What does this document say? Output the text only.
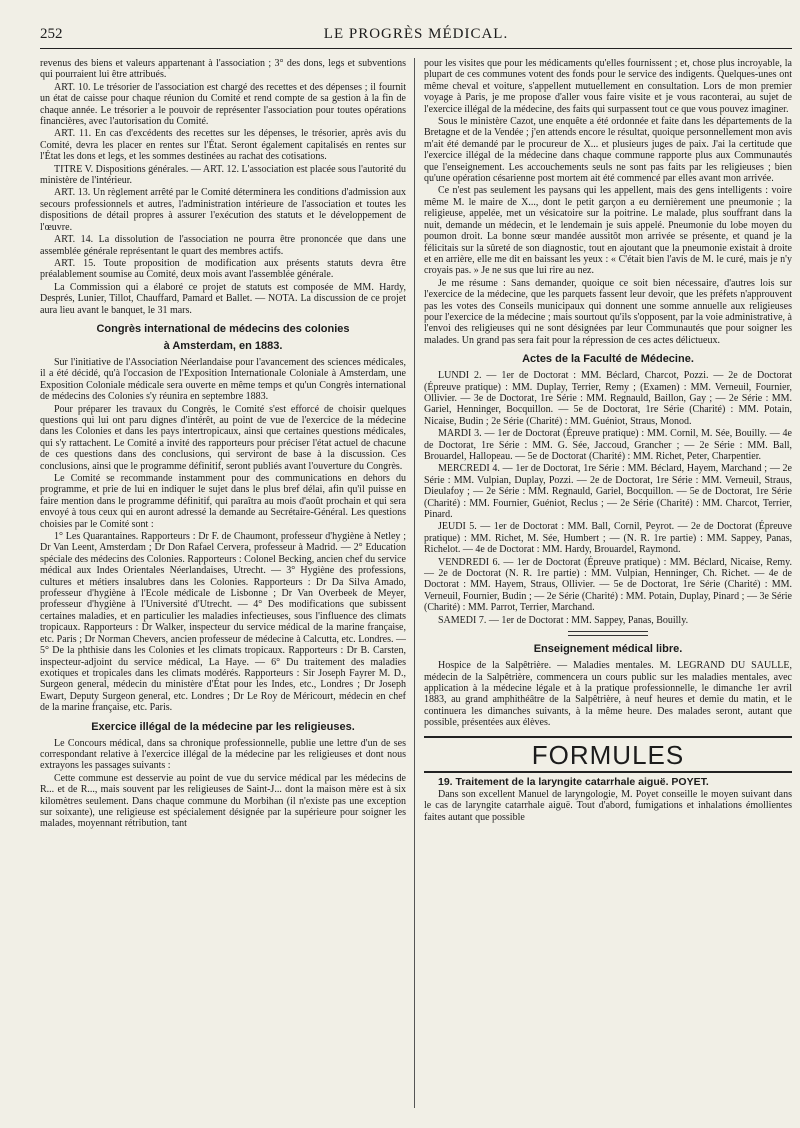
252	LE PROGRÈS MÉDICAL.

revenus des biens et valeurs appartenant à l'association ; 3° des dons, legs et subventions qui pourraient lui être attribués.

ART. 10. Le trésorier de l'association est chargé des recettes et des dépenses ; il fournit un état de caisse pour chaque réunion du Comité et rend compte de sa gestion à la fin de chaque année. Le trésorier a le pouvoir de représenter l'association pour toutes opérations financières, avec l'autorisation du Comité.

ART. 11. En cas d'excédents des recettes sur les dépenses, le trésorier, après avis du Comité, devra les placer en rentes sur l'État. Seront également capitalisés en rentes sur l'État les dons et legs, et les sommes destinées au rachat des cotisations.

TITRE V. Dispositions générales. — ART. 12. L'association est placée sous l'autorité du ministère de l'intérieur.

ART. 13. Un règlement arrêté par le Comité déterminera les conditions d'admission aux secours professionnels et autres, l'administration intérieure de l'association et toutes les dispositions de détail propres à assurer l'exécution des statuts et le développement de l'œuvre.

ART. 14. La dissolution de l'association ne pourra être prononcée que dans une assemblée générale représentant le quart des membres actifs.

ART. 15. Toute proposition de modification aux présents statuts devra être préalablement soumise au Comité, deux mois avant l'assemblée générale.

La Commission qui a élaboré ce projet de statuts est composée de MM. Hardy, Després, Lunier, Tillot, Chauffard, Pamard et Ballet. — NOTA. La discussion de ce projet aura lieu avant le banquet, le 31 mars.

Congrès international de médecins des colonies
à Amsterdam, en 1883.

Sur l'initiative de l'Association Néerlandaise pour l'avancement des sciences médicales, il a été décidé, qu'à l'occasion de l'Exposition Internationale Coloniale à Amsterdam, une Exposition Coloniale médicale sera ouverte en même temps et qu'un Congrès international de médecins des Colonies s'y réunira en septembre 1883.

Pour préparer les travaux du Congrès, le Comité s'est efforcé de choisir quelques questions qui lui ont paru dignes d'intérêt, au point de vue de l'exercice de la médecine dans les Colonies et dans les pays intertropicaux, ainsi que certaines questions médicales, qui s'y rattachent. Le Comité a invité des rapporteurs pour préciser l'état actuel de chacune de ces questions dans des conclusions, qui serviront de base à la discussion. Ces conclusions, ainsi que le programme définitif, seront publiés avant l'ouverture du Congrès.

Le Comité se recommande instamment pour des communications en dehors du programme, et prie de lui en indiquer le sujet dans le plus bref délai, afin qu'il puisse en faire mention dans le programme définitif, qui paraîtra au mois d'août prochain et qui sera envoyé à tous ceux qui en auront adressé la demande au Secrétaire-Général. Les questions choisies par le Comité sont :

1° Les Quarantaines. Rapporteurs : Dr F. de Chaumont, professeur d'hygiène à Netley ; Dr Van Leent, Amsterdam ; Dr Don Rafael Cervera, professeur à Madrid. — 2° Education spéciale des médecins des Colonies. Rapporteurs : Colonel Becking, ancien chef du service médical aux Indes Orientales Néerlandaises, Utrecht. — 3° Hygiène des professions, cultures et métiers insalubres dans les Colonies. Rapporteurs : Dr Da Silva Amado, professeur d'hygiène à l'Ecole médicale de Lisbonne ; Dr Van Overbeek de Meyer, professeur d'hygiène à l'Université d'Utrecht. — 4° Des modifications que subissent certaines maladies, et en particulier les maladies infectieuses, sous l'influence des climats tropicaux. Rapporteurs : Dr Walker, inspecteur du service médical de la marine française, etc. Paris ; Dr Norman Chevers, ancien professeur de médecine à Calcutta, etc. Londres. — 5° De la phthisie dans les Colonies et les climats tropicaux. Rapporteurs : Dr B. Carsten, inspecteur-adjoint du service médical, La Haye. — 6° Du traitement des maladies exotiques et tropicales dans les climats modérés. Rapporteurs : Sir Joseph Fayrer M. D., Surgeon general, médecin du ministère d'État pour les Indes, etc., Londres ; Dr Joseph Ewart, Deputy Surgeon general, etc. Londres ; Dr Le Roy de Méricourt, médecin en chef de la marine française, etc. Paris.

Exercice illégal de la médecine par les religieuses.

Le Concours médical, dans sa chronique professionnelle, publie une lettre d'un de ses correspondant relative à l'exercice illégal de la médecine par les religieuses et dont nous extrayons les passages suivants :

Cette commune est desservie au point de vue du service médical par les médecins de R... et de R..., mais souvent par les religieuses de Saint-J... dont la maison mère est à six kilomètres seulement. Dans chaque commune du Morbihan (il n'existe pas une exception sur soixante), une religieuse est spécialement désignée par la supérieure pour soigner les malades, moyennant rétribution, tant

pour les visites que pour les médicaments qu'elles fournissent ; et, chose plus incroyable, la plupart de ces communes votent des fonds pour le service des indigents. Quelques-unes ont même cheval et voiture, s'appellent mutuellement en consultation. Lors de mon premier voyage à Paris, je me propose d'aller vous faire visite et je vous raconterai, au sujet de l'exercice illégal de la médecine, des faits qui surpassent tout ce que vous pouvez imaginer.

Sous le ministère Cazot, une enquête a été ordonnée et faite dans les départements de la Bretagne et de la Vendée ; j'en attends encore le résultat, quoique personnellement mon avis m'ait été demandé par le procureur de X... et plusieurs juges de paix. J'ai la certitude que l'exercice illégal de la médecine dans chaque commune rapporte plus aux Communautés que l'enseignement. Les accouchements seuls ne sont pas faits par les religieuses ; bien qu'une opération césarienne post mortem ait été commencé par elles avant mon arrivée.

Ce n'est pas seulement les paysans qui les appellent, mais des gens intelligents : voire même M. le maire de X..., dont le petit garçon a eu dernièrement une pneumonie ; la religieuse, appelée, met un vésicatoire sur la poitrine. Le malade, plus souffrant dans la nuit, demande un médecin, et le lendemain je suis appelé. Pneumonie du lobe moyen du poumon droit. La bonne sœur mandée aussitôt mon arrivée se présente, et quand je la félicitais sur la sûreté de son diagnostic, tout en ajoutant que la pneumonie existait à droite et en arrière, elle me dit en baissant les yeux : « C'était bien l'avis de M. le curé, mais je n'y croyais pas. » Je ne sus que lui rire au nez.

Je me résume : Sans demander, quoique ce soit bien nécessaire, d'autres lois sur l'exercice de la médecine, que les parquets fassent leur devoir, que les préfets n'approuvent pas les votes des Conseils municipaux qui donnent une somme annuelle aux religieuses pour l'exercice de la médecine ; mais sourtout qu'ils s'opposent, par la voie administrative, à l'envoi des religieuses qui ne sont désignées par leur Communautés que pour soigner les malades. Un grand pas sera fait pour la répression de ces actes délictueux.

Actes de la Faculté de Médecine.

LUNDI 2. — 1er de Doctorat : MM. Béclard, Charcot, Pozzi. — 2e de Doctorat (Épreuve pratique) : MM. Duplay, Terrier, Remy ; (Examen) : MM. Verneuil, Fournier, Ollivier. — 3e de Doctorat, 1re Série : MM. Regnauld, Baillon, Gay ; — 2e Série : MM. Gariel, Henninger, Bocquillon. — 5e de Doctorat, 1re Série (Charité) : MM. Potain, Nicaise, Budin ; 2e Série (Charité) : MM. Guéniot, Straus, Monod.

MARDI 3. — 1er de Doctorat (Épreuve pratique) : MM. Cornil, M. Sée, Bouilly. — 4e de Doctorat, 1re Série : MM. G. Sée, Jaccoud, Grancher ; — 2e Série : MM. Ball, Brouardel, Hallopeau. — 5e de Doctorat (Charité) : MM. Richet, Peter, Charpentier.

MERCREDI 4. — 1er de Doctorat, 1re Série : MM. Béclard, Hayem, Marchand ; — 2e Série : MM. Vulpian, Duplay, Pozzi. — 2e de Doctorat, 1re Série : MM. Verneuil, Straus, Dieulafoy ; — 2e Série : MM. Regnauld, Gariel, Bocquillon. — 5e de Doctorat, 1re Série (Charité) : MM. Fournier, Guéniot, Reclus ; — 2e Série (Charité) : MM. Charcot, Terrier, Pinard.

JEUDI 5. — 1er de Doctorat : MM. Ball, Cornil, Peyrot. — 2e de Doctorat (Épreuve pratique) : MM. Richet, M. Sée, Humbert ; — (N. R. 1re partie) : MM. Sappey, Panas, Richelot. — 4e de Doctorat : MM. Hardy, Brouardel, Raymond.

VENDREDI 6. — 1er de Doctorat (Épreuve pratique) : MM. Béclard, Nicaise, Remy. — 2e de Doctorat (N. R. 1re partie) : MM. Vulpian, Henninger, Ch. Richet. — 4e de Doctorat : MM. Hayem, Straus, Ollivier. — 5e de Doctorat, 1re Série (Charité) : MM. Verneuil, Fournier, Budin ; — 2e Série (Charité) : MM. Potain, Duplay, Pinard ; — 3e Série (Charité) : MM. Parrot, Terrier, Marchand.

SAMEDI 7. — 1er de Doctorat : MM. Sappey, Panas, Bouilly.

Enseignement médical libre.

Hospice de la Salpêtrière. — Maladies mentales. M. LEGRAND DU SAULLE, médecin de la Salpêtrière, commencera un cours public sur les maladies mentales, avec application à la médecine légale et à la pratique professionnelle, le dimanche 1er avril 1883, au grand amphithéâtre de la Salpêtrière, à neuf heures et demie du matin, et le continuera les dimanches suivants, à la même heure. Des malades seront, autant que possible, présentées aux élèves.

FORMULES

19. Traitement de la laryngite catarrhale aiguë. POYET.

Dans son excellent Manuel de laryngologie, M. Poyet conseille le moyen suivant dans le cas de laryngite catarrhale aiguë. Tout d'abord, fumigations et inhalations émollientes faites autant que possible
